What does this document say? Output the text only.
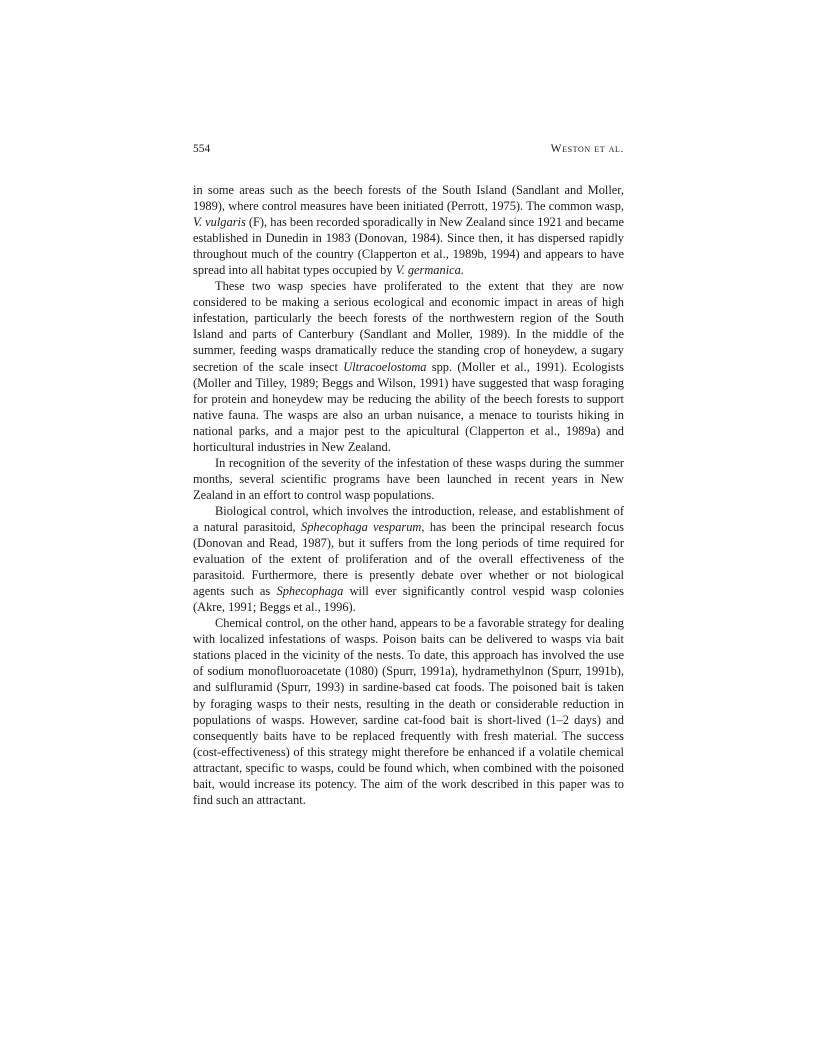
554	Weston et al.

in some areas such as the beech forests of the South Island (Sandlant and Moller, 1989), where control measures have been initiated (Perrott, 1975). The common wasp, V. vulgaris (F), has been recorded sporadically in New Zealand since 1921 and became established in Dunedin in 1983 (Donovan, 1984). Since then, it has dispersed rapidly throughout much of the country (Clapperton et al., 1989b, 1994) and appears to have spread into all habitat types occupied by V. germanica.

These two wasp species have proliferated to the extent that they are now considered to be making a serious ecological and economic impact in areas of high infestation, particularly the beech forests of the northwestern region of the South Island and parts of Canterbury (Sandlant and Moller, 1989). In the middle of the summer, feeding wasps dramatically reduce the standing crop of honeydew, a sugary secretion of the scale insect Ultracoelostoma spp. (Moller et al., 1991). Ecologists (Moller and Tilley, 1989; Beggs and Wilson, 1991) have suggested that wasp foraging for protein and honeydew may be reducing the ability of the beech forests to support native fauna. The wasps are also an urban nuisance, a menace to tourists hiking in national parks, and a major pest to the apicultural (Clapperton et al., 1989a) and horticultural industries in New Zealand.

In recognition of the severity of the infestation of these wasps during the summer months, several scientific programs have been launched in recent years in New Zealand in an effort to control wasp populations.

Biological control, which involves the introduction, release, and establishment of a natural parasitoid, Sphecophaga vesparum, has been the principal research focus (Donovan and Read, 1987), but it suffers from the long periods of time required for evaluation of the extent of proliferation and of the overall effectiveness of the parasitoid. Furthermore, there is presently debate over whether or not biological agents such as Sphecophaga will ever significantly control vespid wasp colonies (Akre, 1991; Beggs et al., 1996).

Chemical control, on the other hand, appears to be a favorable strategy for dealing with localized infestations of wasps. Poison baits can be delivered to wasps via bait stations placed in the vicinity of the nests. To date, this approach has involved the use of sodium monofluoroacetate (1080) (Spurr, 1991a), hydramethylnon (Spurr, 1991b), and sulfluramid (Spurr, 1993) in sardine-based cat foods. The poisoned bait is taken by foraging wasps to their nests, resulting in the death or considerable reduction in populations of wasps. However, sardine cat-food bait is short-lived (1–2 days) and consequently baits have to be replaced frequently with fresh material. The success (cost-effectiveness) of this strategy might therefore be enhanced if a volatile chemical attractant, specific to wasps, could be found which, when combined with the poisoned bait, would increase its potency. The aim of the work described in this paper was to find such an attractant.
